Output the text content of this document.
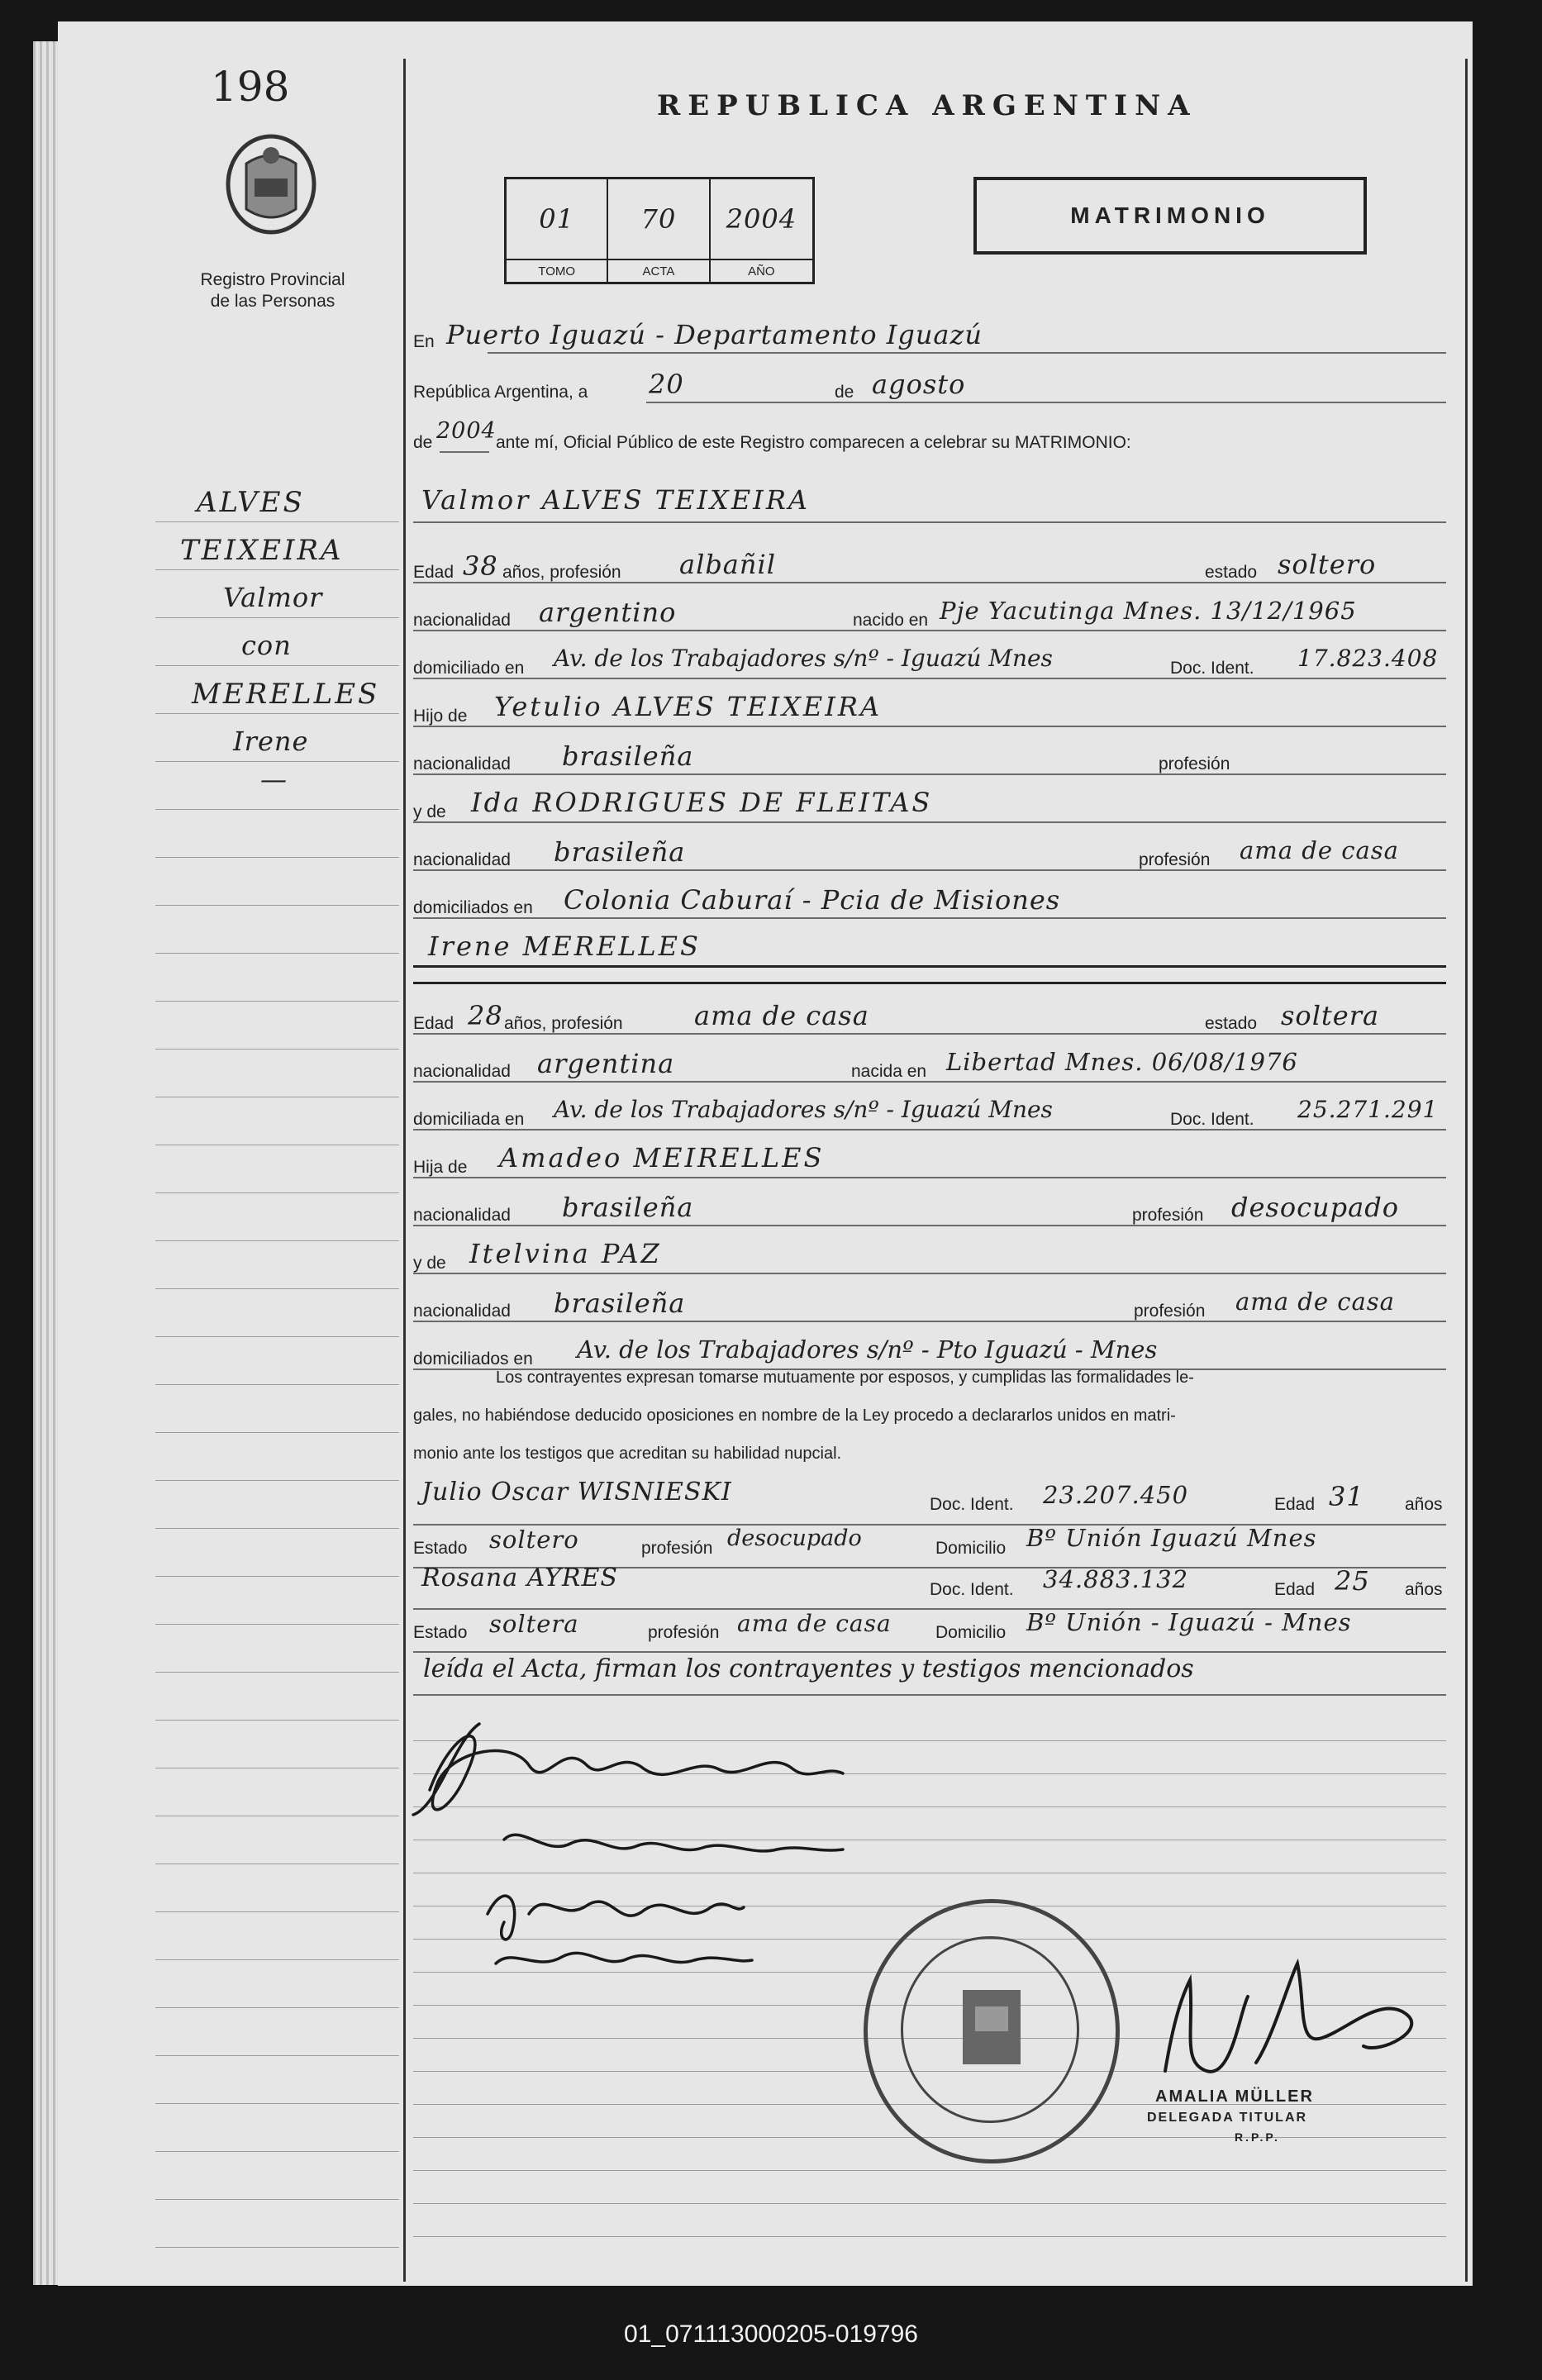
198
Registro Provincial
de las Personas
ALVES
TEIXEIRA
Valmor
con
MERELLES
Irene
—
REPUBLICA ARGENTINA
01	70	2004
TOMO	ACTA	AÑO
MATRIMONIO
En Puerto Iguazú - Departamento Iguazú
República Argentina, a 20	de agosto
de 2004 ante mí, Oficial Público de este Registro comparecen a celebrar su MATRIMONIO:
Valmor ALVES TEIXEIRA
Edad 38 años, profesión albañil	estado soltero
nacionalidad argentino	nacido en Pje Yacutinga Mnes. 13/12/1965
domiciliado en Av. de los Trabajadores s/nº - Iguazú Mnes	Doc. Ident. 17.823.408
Hijo de Yetulio ALVES TEIXEIRA
nacionalidad brasileña	profesión
y de Ida RODRIGUES DE FLEITAS
nacionalidad brasileña	profesión ama de casa
domiciliados en Colonia Caburaí - Pcia de Misiones
Irene MERELLES
Edad 28 años, profesión	ama de casa	estado soltera
nacionalidad argentina	nacida en Libertad Mnes. 06/08/1976
domiciliada en Av. de los Trabajadores s/nº - Iguazú Mnes	Doc. Ident. 25.271.291
Hija de Amadeo MEIRELLES
nacionalidad brasileña	profesión desocupado
y de Itelvina PAZ
nacionalidad brasileña	profesión ama de casa
domiciliados en Av. de los Trabajadores s/nº - Pto Iguazú - Mnes
Los contrayentes expresan tomarse mutuamente por esposos, y cumplidas las formalidades le-
gales, no habiéndose deducido oposiciones en nombre de la Ley procedo a declararlos unidos en matri-
monio ante los testigos que acreditan su habilidad nupcial.
Julio Oscar WISNIESKI	Doc. Ident. 23.207.450	Edad 31 años
Estado soltero	profesión desocupado	Domicilio Bº Unión Iguazú Mnes
Rosana AYRES	Doc. Ident. 34.883.132	Edad 25 años
Estado soltera	profesión ama de casa	Domicilio Bº Unión - Iguazú - Mnes
leída el Acta, firman los contrayentes y testigos mencionados
AMALIA MÜLLER
DELEGADA TITULAR
R.P.P.
01_071113000205-019796
